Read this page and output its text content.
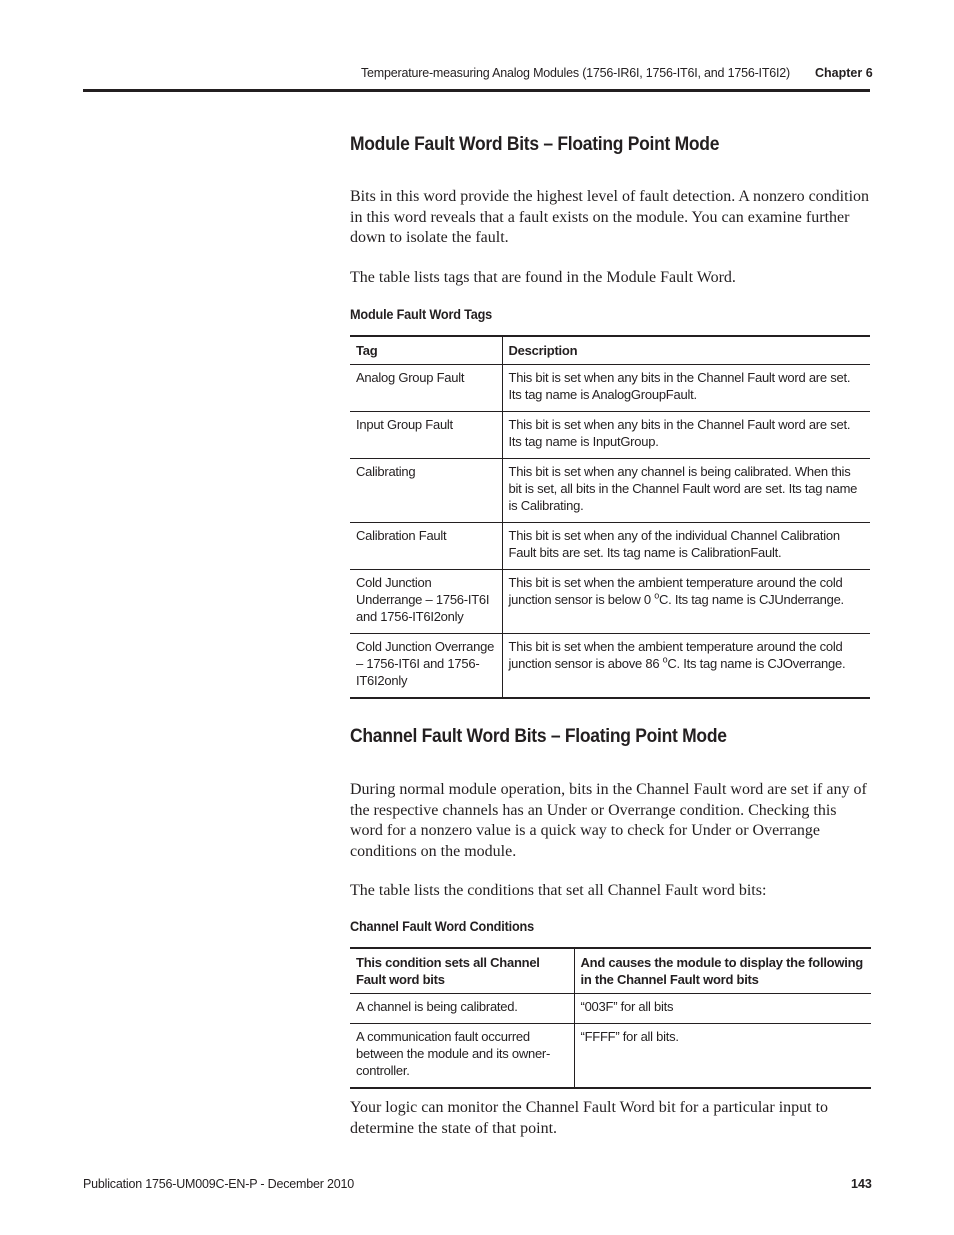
Temperature-measuring Analog Modules (1756-IR6I, 1756-IT6I, and 1756-IT6I2) Chapter 6
Module Fault Word Bits – Floating Point Mode
Bits in this word provide the highest level of fault detection. A nonzero condition in this word reveals that a fault exists on the module. You can examine further down to isolate the fault.
The table lists tags that are found in the Module Fault Word.
Module Fault Word Tags
Tag	Description
Analog Group Fault	This bit is set when any bits in the Channel Fault word are set. Its tag name is AnalogGroupFault.
Input Group Fault	This bit is set when any bits in the Channel Fault word are set. Its tag name is InputGroup.
Calibrating	This bit is set when any channel is being calibrated. When this bit is set, all bits in the Channel Fault word are set. Its tag name is Calibrating.
Calibration Fault	This bit is set when any of the individual Channel Calibration Fault bits are set. Its tag name is CalibrationFault.
Cold Junction Underrange – 1756-IT6I and 1756-IT6I2only	This bit is set when the ambient temperature around the cold junction sensor is below 0 $^o$C. Its tag name is CJUnderrange.
Cold Junction Overrange – 1756-IT6I and 1756-IT6I2only	This bit is set when the ambient temperature around the cold junction sensor is above 86 $^o$C. Its tag name is CJOverrange.
Channel Fault Word Bits – Floating Point Mode
During normal module operation, bits in the Channel Fault word are set if any of the respective channels has an Under or Overrange condition. Checking this word for a nonzero value is a quick way to check for Under or Overrange conditions on the module.
The table lists the conditions that set all Channel Fault word bits:
Channel Fault Word Conditions
This condition sets all Channel Fault word bits	And causes the module to display the following in the Channel Fault word bits
A channel is being calibrated.	“003F” for all bits
A communication fault occurred between the module and its owner-controller.	“FFFF” for all bits.
Your logic can monitor the Channel Fault Word bit for a particular input to determine the state of that point.
Publication 1756-UM009C-EN-P - December 2010	143
